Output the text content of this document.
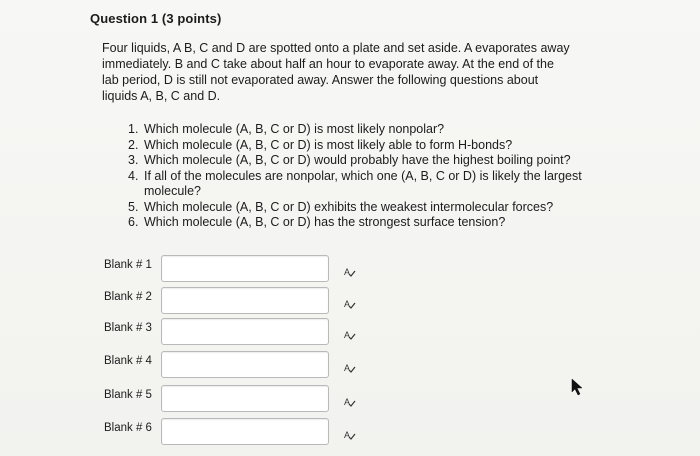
Question 1 (3 points)
Four liquids, A B, C and D are spotted onto a plate and set aside. A evaporates away
immediately. B and C take about half an hour to evaporate away. At the end of the
lab period, D is still not evaporated away. Answer the following questions about
liquids A, B, C and D.
1. Which molecule (A, B, C or D) is most likely nonpolar?
2. Which molecule (A, B, C or D) is most likely able to form H-bonds?
3. Which molecule (A, B, C or D) would probably have the highest boiling point?
4. If all of the molecules are nonpolar, which one (A, B, C or D) is likely the largest molecule?
5. Which molecule (A, B, C or D) exhibits the weakest intermolecular forces?
6. Which molecule (A, B, C or D) has the strongest surface tension?
Blank # 1
A
Blank # 2
A
Blank # 3
A
Blank # 4
A
Blank # 5
A
Blank # 6
A
